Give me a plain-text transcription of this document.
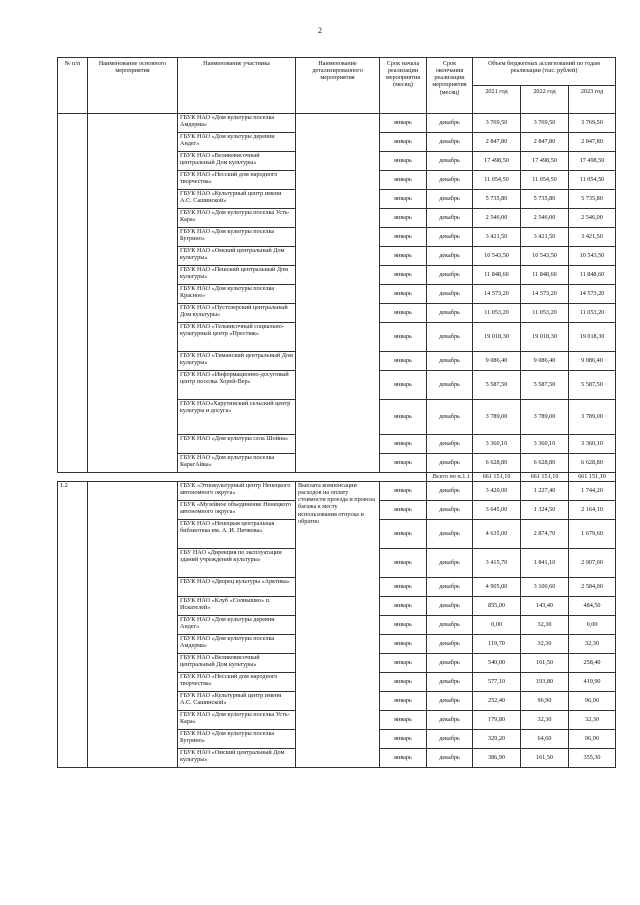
2
№ п/п	Наименование основного мероприятия	Наименование участника	Наименование детализированного мероприятия	Срок начала реализации мероприятия (месяц)	Срок окончания реализации мероприятия (месяц)	Объем бюджетных ассигнований по годам реализации (тыс. рублей)		
						2021 год	2022 год	2023 год
		ГБУК НАО «Дом культуры поселка Амдерма»		январь	декабрь	3 769,50	3 769,50	3 769,50
		ГБУК НАО «Дом культуры деревни Андег»		январь	декабрь	2 847,80	2 847,80	2 847,80
		ГБУК НАО «Великовисочный центральный Дом культуры»		январь	декабрь	17 498,50	17 498,50	17 498,50
		ГБУК НАО «Несский дом народного творчества»		январь	декабрь	11 054,50	11 054,50	11 054,50
		ГБУК НАО «Культурный центр имени А.С. Сашинской»		январь	декабрь	5 735,80	5 735,80	5 735,80
		ГБУК НАО «Дом культуры поселка Усть-Кара»		январь	декабрь	2 546,00	2 546,00	2 546,00
		ГБУК НАО «Дом культуры поселка Бугрино»		январь	декабрь	3 421,50	3 421,50	3 421,50
		ГБУК НАО «Омский центральный Дом культуры»		январь	декабрь	10 543,50	10 543,50	10 543,50
		ГБУК НАО «Пешский центральный Дом культуры»		январь	декабрь	11 848,60	11 848,60	11 848,60
		ГБУК НАО «Дом культуры поселка Красное»		январь	декабрь	14 573,20	14 573,20	14 573,20
		ГБУК НАО «Пустозерский центральный Дом культуры»		январь	декабрь	11 053,20	11 053,20	11 053,20
		ГБУК НАО «Тельвисочный социально-культурный центр «Престиж»		январь	декабрь	19 018,30	19 018,30	19 018,30
		ГБУК НАО «Тиманский центральный Дом культуры»		январь	декабрь	9 086,40	9 086,40	9 086,40
		ГБУК НАО «Информационно-досуговый центр поселка Хорей-Вер»		январь	декабрь	5 587,50	5 587,50	5 587,50
		ГБУК НАО«Харутинский сельский центр культуры и досуга»		январь	декабрь	3 789,00	3 789,00	3 789,00
		ГБУК НАО «Дом культуры села Шойна»		январь	декабрь	3 360,10	3 360,10	3 360,10
		ГБУК НАО «Дом культуры поселка КарагАйка»		январь	декабрь	6 628,80	6 628,80	6 628,80
					Всего по п.1.1	661 151,10	661 151,10	661 151,10
1.2		ГБУК «Этнокультурный центр Ненецкого автономного округа»	Выплата компенсации расходов на оплату стоимости проезда и провоза багажа к месту использования отпуска и обратно	январь	декабрь	3 420,00	1 227,40	1 744,20
		ГБУК «Музейное объединение Ненецкого автономного округа»		январь	декабрь	3 645,00	1 324,50	2 164,10
		ГБУК НАО «Ненецкая центральная библиотека им. А. И. Пичкова»		январь	декабрь	4 635,00	2 874,70	1 679,60
		ГБУ НАО «Дирекция по эксплуатации зданий учреждений культуры»		январь	декабрь	3 415,70	1 841,10	2 907,00
		ГБУК НАО «Дворец культуры «Арктика»		январь	декабрь	4 905,00	3 100,60	2 584,00
		ГБУК НАО «Клуб «Солнышко» п. Искателей»		январь	декабрь	855,00	143,40	484,50
		ГБУК НАО «Дом культуры деревни Андег»		январь	декабрь	0,00	32,30	0,00
		ГБУК НАО «Дом культуры поселка Амдерма»		январь	декабрь	119,70	32,30	32,30
		ГБУК НАО «Великовисочный центральный Дом культуры»		январь	декабрь	540,00	161,50	258,40
		ГБУК НАО «Несский дом народного творчества»		январь	декабрь	577,10	193,80	419,90
		ГБУК НАО «Культурный центр имени А.С. Сашинской»		январь	декабрь	252,40	96,90	96,90
		ГБУК НАО «Дом культуры поселка Усть-Кара»		январь	декабрь	179,80	32,30	32,30
		ГБУК НАО «Дом культуры поселка Бугрино»		январь	декабрь	329,20	64,60	96,90
		ГБУК НАО «Омский центральный Дом культуры»		январь	декабрь	386,90	161,50	355,30
